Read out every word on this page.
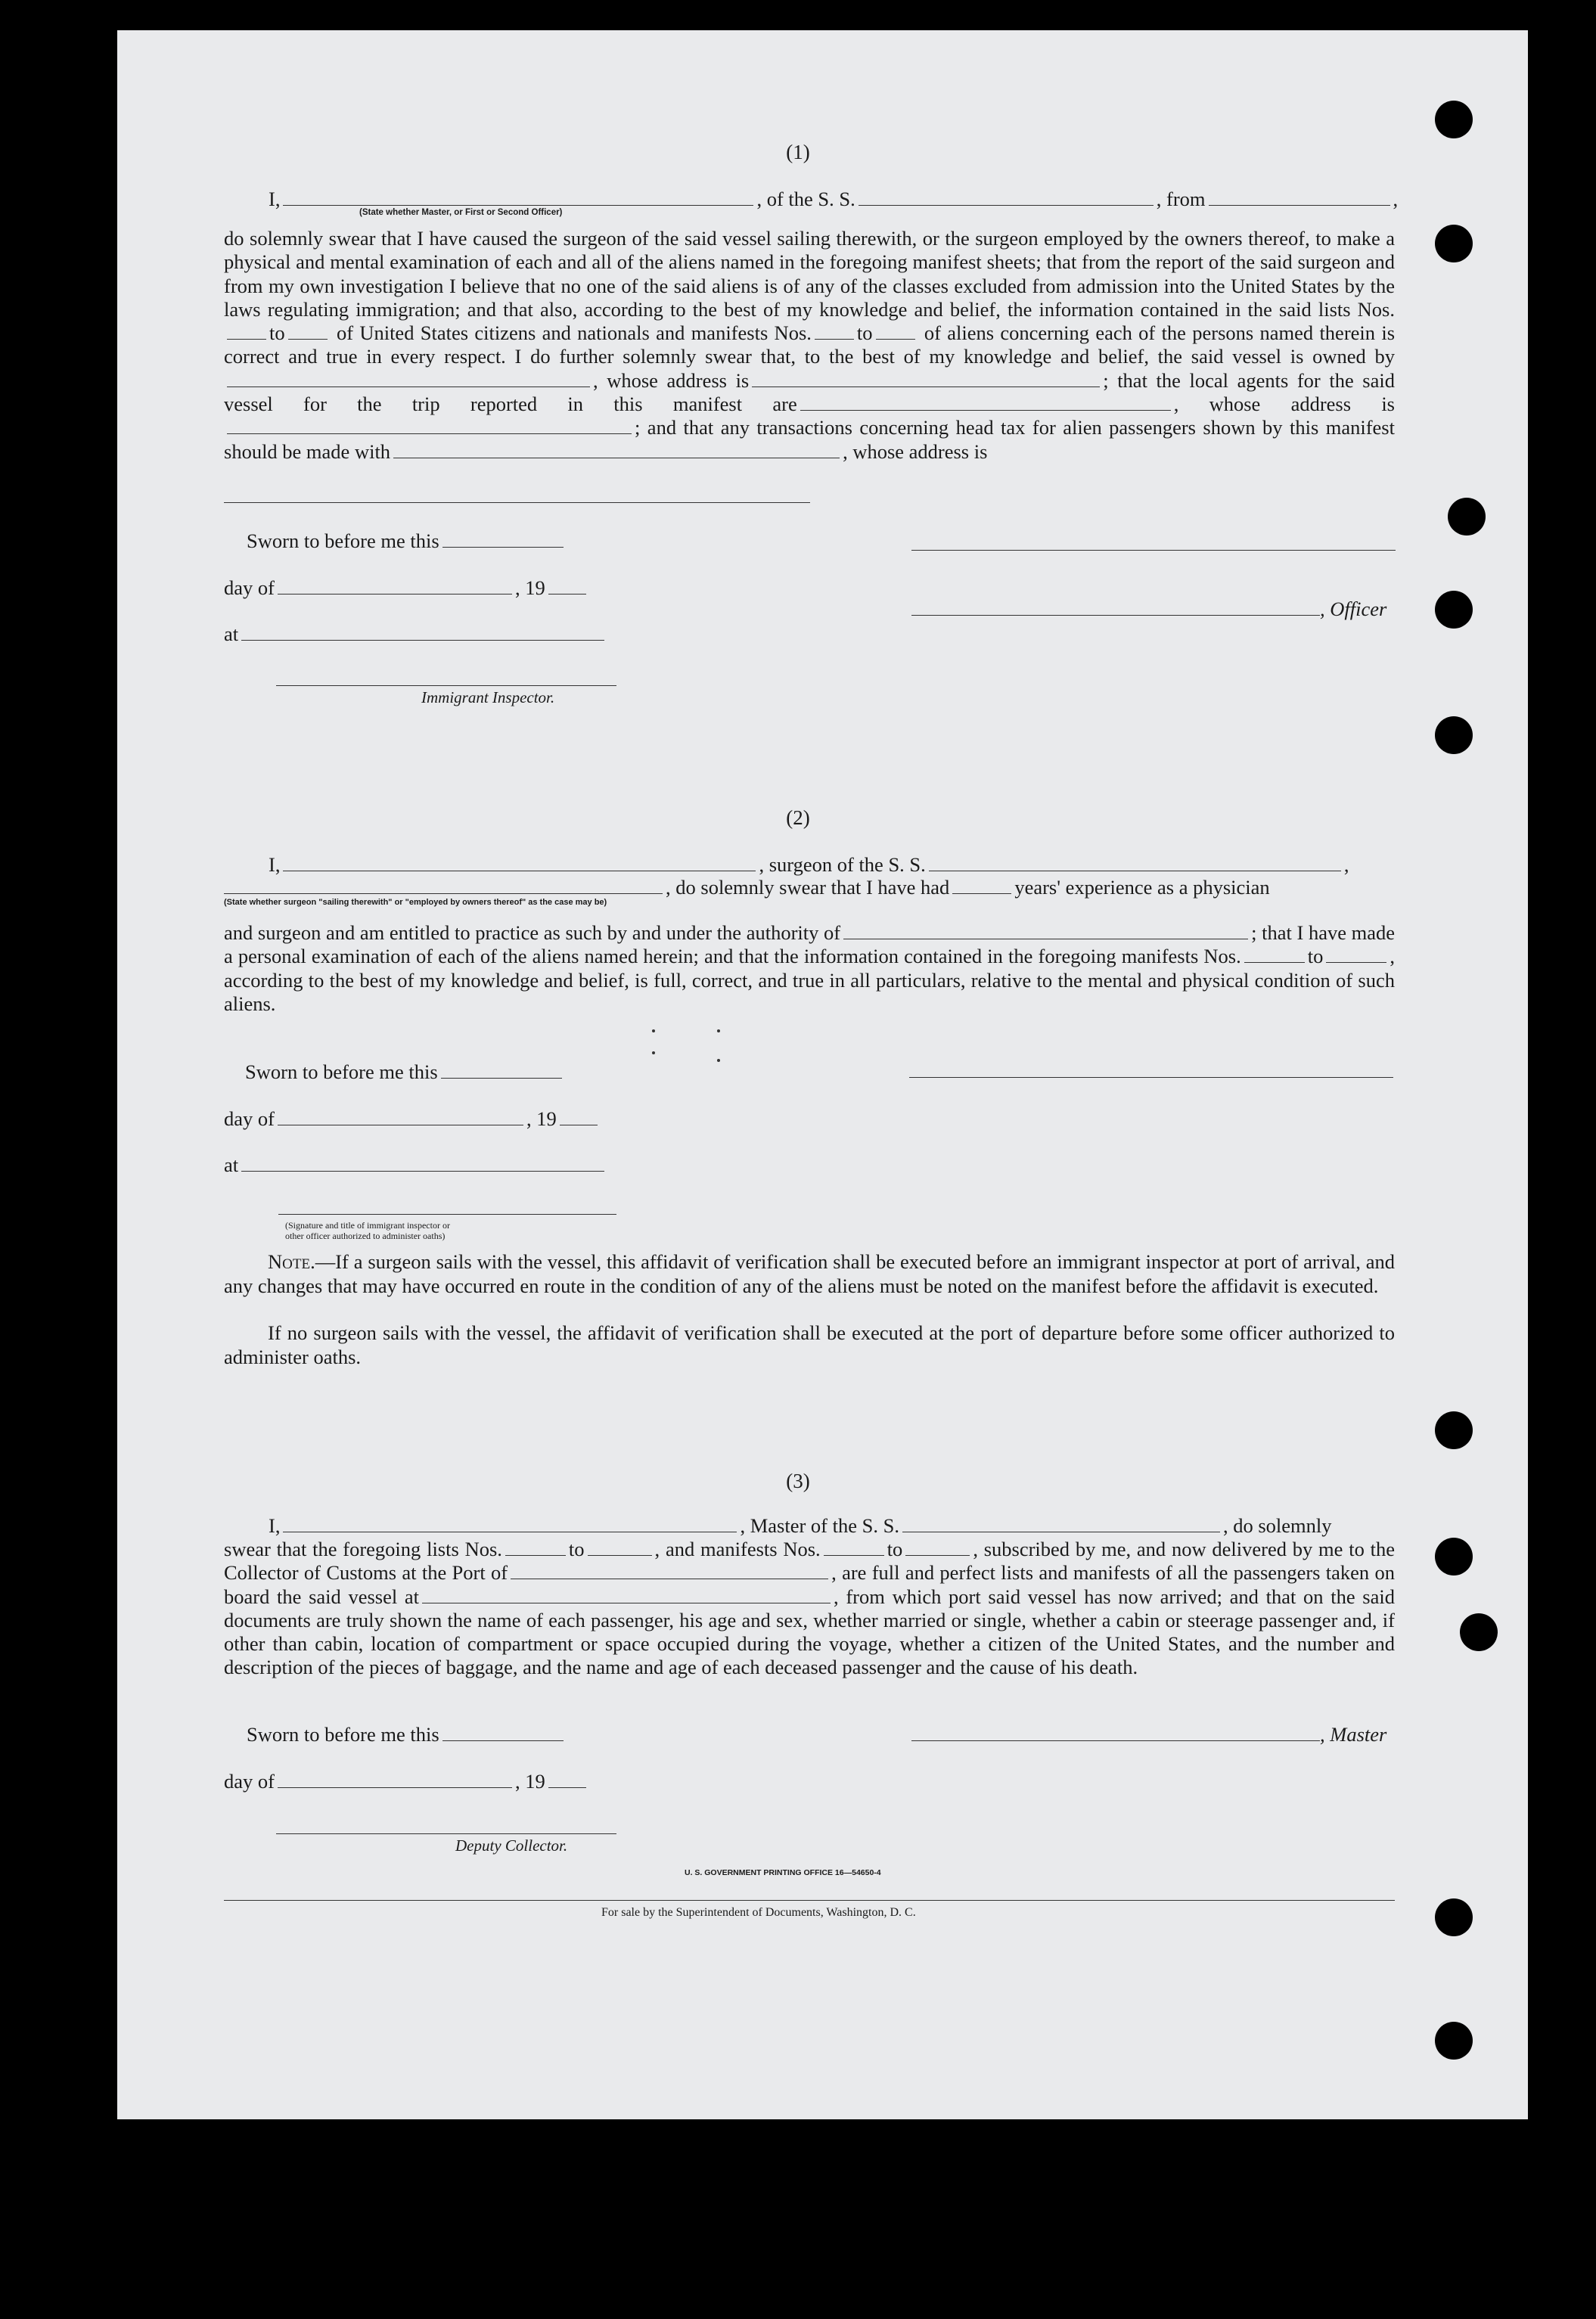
(1)
I,	, of the S. S.	, from	,
(State whether Master, or First or Second Officer)
do solemnly swear that I have caused the surgeon of the said vessel sailing therewith, or the surgeon employed by the owners thereof, to make a physical and mental examination of each and all of the aliens named in the foregoing manifest sheets; that from the report of the said surgeon and from my own investigation I believe that no one of the said aliens is of any of the classes excluded from admission into the United States by the laws regulating immigration; and that also, according to the best of my knowledge and belief, the information contained in the said lists Nos.to	of United States citizens and nationals and manifests Nos. to	of aliens concerning each of the persons named therein is correct and true in every respect. I do further solemnly swear that, to the best of my knowledge and belief, the said vessel is owned by, whose address is	; that the local agents for the said vessel for the trip reported in this manifest are	, whose address is; and that any transactions concerning head tax for alien passengers shown by this manifest should be made with	, whose address is
Sworn to before me this
day of	, 19
, Officer
at
Immigrant Inspector.
(2)
I,	, surgeon of the S. S.	,
, do solemnly swear that I have had	years' experience as a physician
(State whether surgeon "sailing therewith" or "employed by owners thereof" as the case may be)
and surgeon and am entitled to practice as such by and under the authority of	; that I have made a personal examination of each of the aliens named herein; and that the information contained in the foregoing manifests Nos.	to	, according to the best of my knowledge and belief, is full, correct, and true in all particulars, relative to the mental and physical condition of such aliens.
Sworn to before me this
day of	, 19
at
(Signature and title of immigrant inspector or
other officer authorized to administer oaths)
Note.—If a surgeon sails with the vessel, this affidavit of verification shall be executed before an immigrant inspector at port of arrival, and any changes that may have occurred en route in the condition of any of the aliens must be noted on the manifest before the affidavit is executed.
If no surgeon sails with the vessel, the affidavit of verification shall be executed at the port of departure before some officer authorized to administer oaths.
(3)
I,	, Master of the S. S.	, do solemnly
swear that the foregoing lists Nos.	to	, and manifests Nos.	to	, subscribed by me, and now delivered by me to the Collector of Customs at the Port of	, are full and perfect lists and manifests of all the passengers taken on board the said vessel at	, from which port said vessel has now arrived; and that on the said documents are truly shown the name of each passenger, his age and sex, whether married or single, whether a cabin or steerage passenger and, if other than cabin, location of compartment or space occupied during the voyage, whether a citizen of the United States, and the number and description of the pieces of baggage, and the name and age of each deceased passenger and the cause of his death.
Sworn to before me this	, Master
day of	, 19
Deputy Collector.
U. S. GOVERNMENT PRINTING OFFICE 16—54650-4
For sale by the Superintendent of Documents, Washington, D. C.
